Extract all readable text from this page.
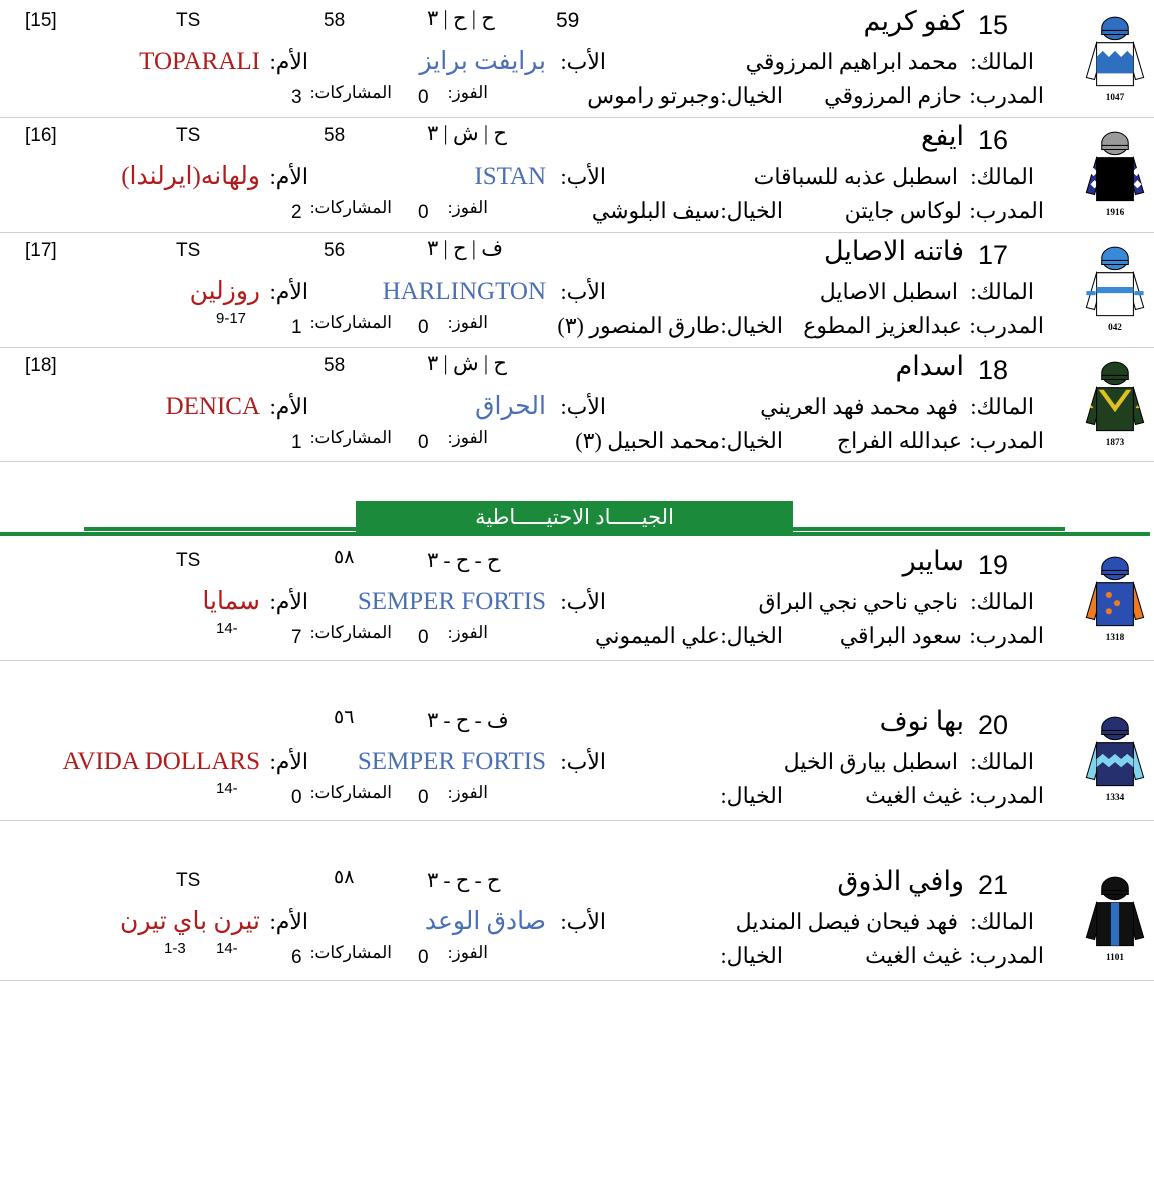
1047
15
كفو كريم
59
ح | ح | ٣
58
TS
[15]
المالك:
محمد ابراهيم المرزوقي
الأب:
برايفت برايز
الأم:
TOPARALI
المدرب:
حازم المرزوقي
الخيال:
وجبرتو راموس
الفوز:
0
المشاركات:
3
1916
16
ايفع
ح | ش | ٣
58
TS
[16]
المالك:
اسطبل عذبه للسباقات
الأب:
ISTAN
الأم:
ولهانه(ايرلندا)
المدرب:
لوكاس جايتن
الخيال:
سيف البلوشي
الفوز:
0
المشاركات:
2
042
17
فاتنه الاصايل
ف | ح | ٣
56
TS
[17]
المالك:
اسطبل الاصايل
الأب:
HARLINGTON
الأم:
روزلين
المدرب:
عبدالعزيز المطوع
الخيال:
طارق المنصور (٣)
الفوز:
0
المشاركات:
1
9-17
1873
18
اسدام
ح | ش | ٣
58
[18]
المالك:
فهد محمد فهد العريني
الأب:
الحراق
الأم:
DENICA
المدرب:
عبدالله الفراج
الخيال:
محمد الحبيل (٣)
الفوز:
0
المشاركات:
1
1318
19
سايبر
ح - ح - ٣
٥٨
TS
المالك:
ناجي ناحي نجي البراق
الأب:
SEMPER FORTIS
الأم:
سمايا
المدرب:
سعود البراقي
الخيال:
علي الميموني
الفوز:
0
المشاركات:
7
14-
1334
20
بها نوف
ف - ح - ٣
٥٦
المالك:
اسطبل بيارق الخيل
الأب:
SEMPER FORTIS
الأم:
AVIDA DOLLARS
المدرب:
غيث الغيث
الخيال:
الفوز:
0
المشاركات:
0
14-
1101
21
وافي الذوق
ح - ح - ٣
٥٨
TS
المالك:
فهد فيحان فيصل المنديل
الأب:
صادق الوعد
الأم:
تيرن باي تيرن
المدرب:
غيث الغيث
الخيال:
الفوز:
0
المشاركات:
6
14-
1-3
الجيـــــاد الاحتيـــــاطية
